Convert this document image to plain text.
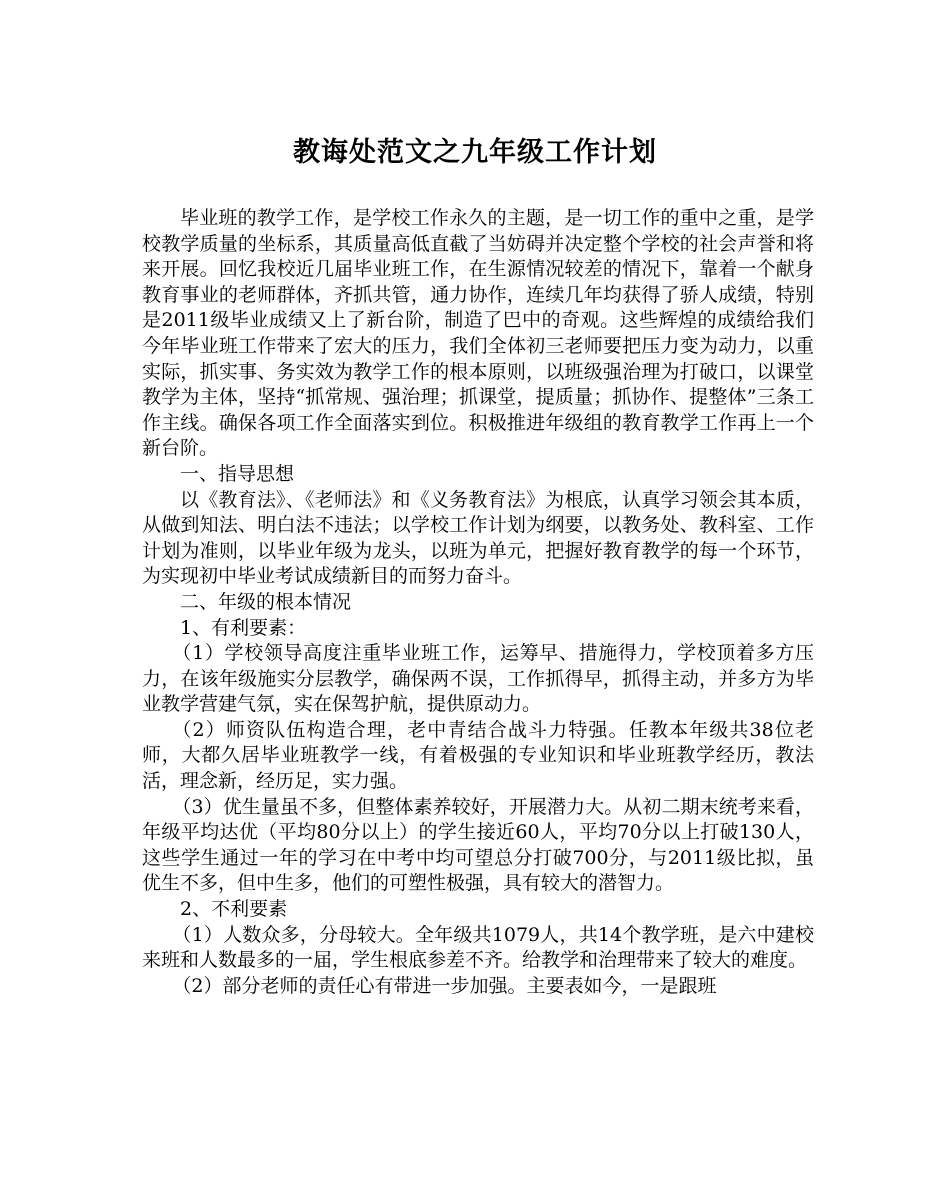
教诲处范文之九年级工作计划

毕业班的教学工作，是学校工作永久的主题，是一切工作的重中之重，是学校教学质量的坐标系，其质量高低直截了当妨碍并决定整个学校的社会声誉和将来开展。回忆我校近几届毕业班工作，在生源情况较差的情况下，靠着一个献身教育事业的老师群体，齐抓共管，通力协作，连续几年均获得了骄人成绩，特别是2011级毕业成绩又上了新台阶，制造了巴中的奇观。这些辉煌的成绩给我们今年毕业班工作带来了宏大的压力，我们全体初三老师要把压力变为动力，以重实际，抓实事、务实效为教学工作的根本原则，以班级强治理为打破口，以课堂教学为主体，坚持“抓常规、强治理；抓课堂，提质量；抓协作、提整体”三条工作主线。确保各项工作全面落实到位。积极推进年级组的教育教学工作再上一个新台阶。

一、指导思想

以《教育法》、《老师法》和《义务教育法》为根底，认真学习领会其本质，从做到知法、明白法不违法；以学校工作计划为纲要，以教务处、教科室、工作计划为准则，以毕业年级为龙头，以班为单元，把握好教育教学的每一个环节，为实现初中毕业考试成绩新目的而努力奋斗。

二、年级的根本情况

1、有利要素：

（1）学校领导高度注重毕业班工作，运筹早、措施得力，学校顶着多方压力，在该年级施实分层教学，确保两不误，工作抓得早，抓得主动，并多方为毕业教学营建气氛，实在保驾护航，提供原动力。

（2）师资队伍构造合理，老中青结合战斗力特强。任教本年级共38位老师，大都久居毕业班教学一线，有着极强的专业知识和毕业班教学经历，教法活，理念新，经历足，实力强。

（3）优生量虽不多，但整体素养较好，开展潜力大。从初二期末统考来看，年级平均达优（平均80分以上）的学生接近60人，平均70分以上打破130人，这些学生通过一年的学习在中考中均可望总分打破700分，与2011级比拟，虽优生不多，但中生多，他们的可塑性极强，具有较大的潜智力。

2、不利要素

（1）人数众多，分母较大。全年级共1079人，共14个教学班，是六中建校来班和人数最多的一届，学生根底参差不齐。给教学和治理带来了较大的难度。

（2）部分老师的责任心有带进一步加强。主要表如今，一是跟班
